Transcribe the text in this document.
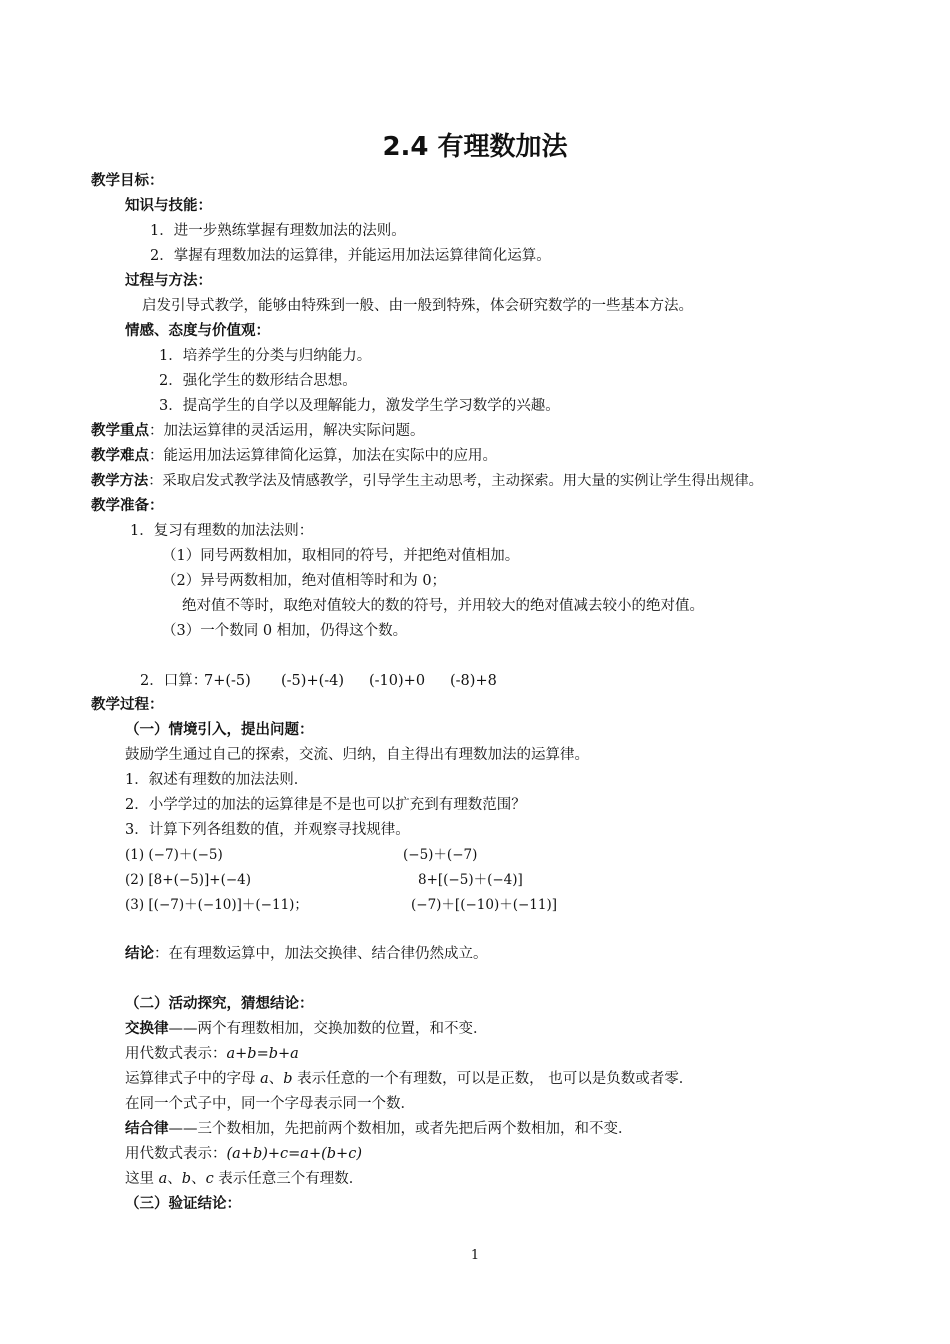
2.4 有理数加法
教学目标：
知识与技能：
1．进一步熟练掌握有理数加法的法则。
2．掌握有理数加法的运算律，并能运用加法运算律简化运算。
过程与方法：
启发引导式教学，能够由特殊到一般、由一般到特殊，体会研究数学的一些基本方法。
情感、态度与价值观：
1．培养学生的分类与归纳能力。
2．强化学生的数形结合思想。
3．提高学生的自学以及理解能力，激发学生学习数学的兴趣。
教学重点：加法运算律的灵活运用，解决实际问题。
教学难点：能运用加法运算律简化运算，加法在实际中的应用。
教学方法：采取启发式教学法及情感教学，引导学生主动思考，主动探索。用大量的实例让学生得出规律。
教学准备：
1．复习有理数的加法法则：
（1）同号两数相加，取相同的符号，并把绝对值相加。
（2）异号两数相加，绝对值相等时和为 0；
绝对值不等时，取绝对值较大的数的符号，并用较大的绝对值减去较小的绝对值。
（3）一个数同 0 相加，仍得这个数。
2．口算：
7+(-5) (-5)+(-4) (-10)+0 (-8)+8
教学过程：
（一）情境引入，提出问题：
鼓励学生通过自己的探索，交流、归纳，自主得出有理数加法的运算律。
1．叙述有理数的加法法则．
2．小学学过的加法的运算律是不是也可以扩充到有理数范围？
3．计算下列各组数的值，并观察寻找规律。
(1) (−7)＋(−5)	(−5)＋(−7)
(2) [8+(−5)]+(−4)	8+[(−5)＋(−4)]
(3) [(−7)＋(−10)]＋(−11)；	(−7)＋[(−10)＋(−11)]
结论：在有理数运算中，加法交换律、结合律仍然成立。
（二）活动探究，猜想结论：
交换律——两个有理数相加，交换加数的位置，和不变．
用代数式表示：a+b=b+a
运算律式子中的字母 a、b 表示任意的一个有理数，可以是正数， 也可以是负数或者零．
在同一个式子中，同一个字母表示同一个数．
结合律——三个数相加，先把前两个数相加，或者先把后两个数相加，和不变．
用代数式表示：(a+b)+c=a+(b+c)
这里 a、b、c 表示任意三个有理数．
（三）验证结论：
1
